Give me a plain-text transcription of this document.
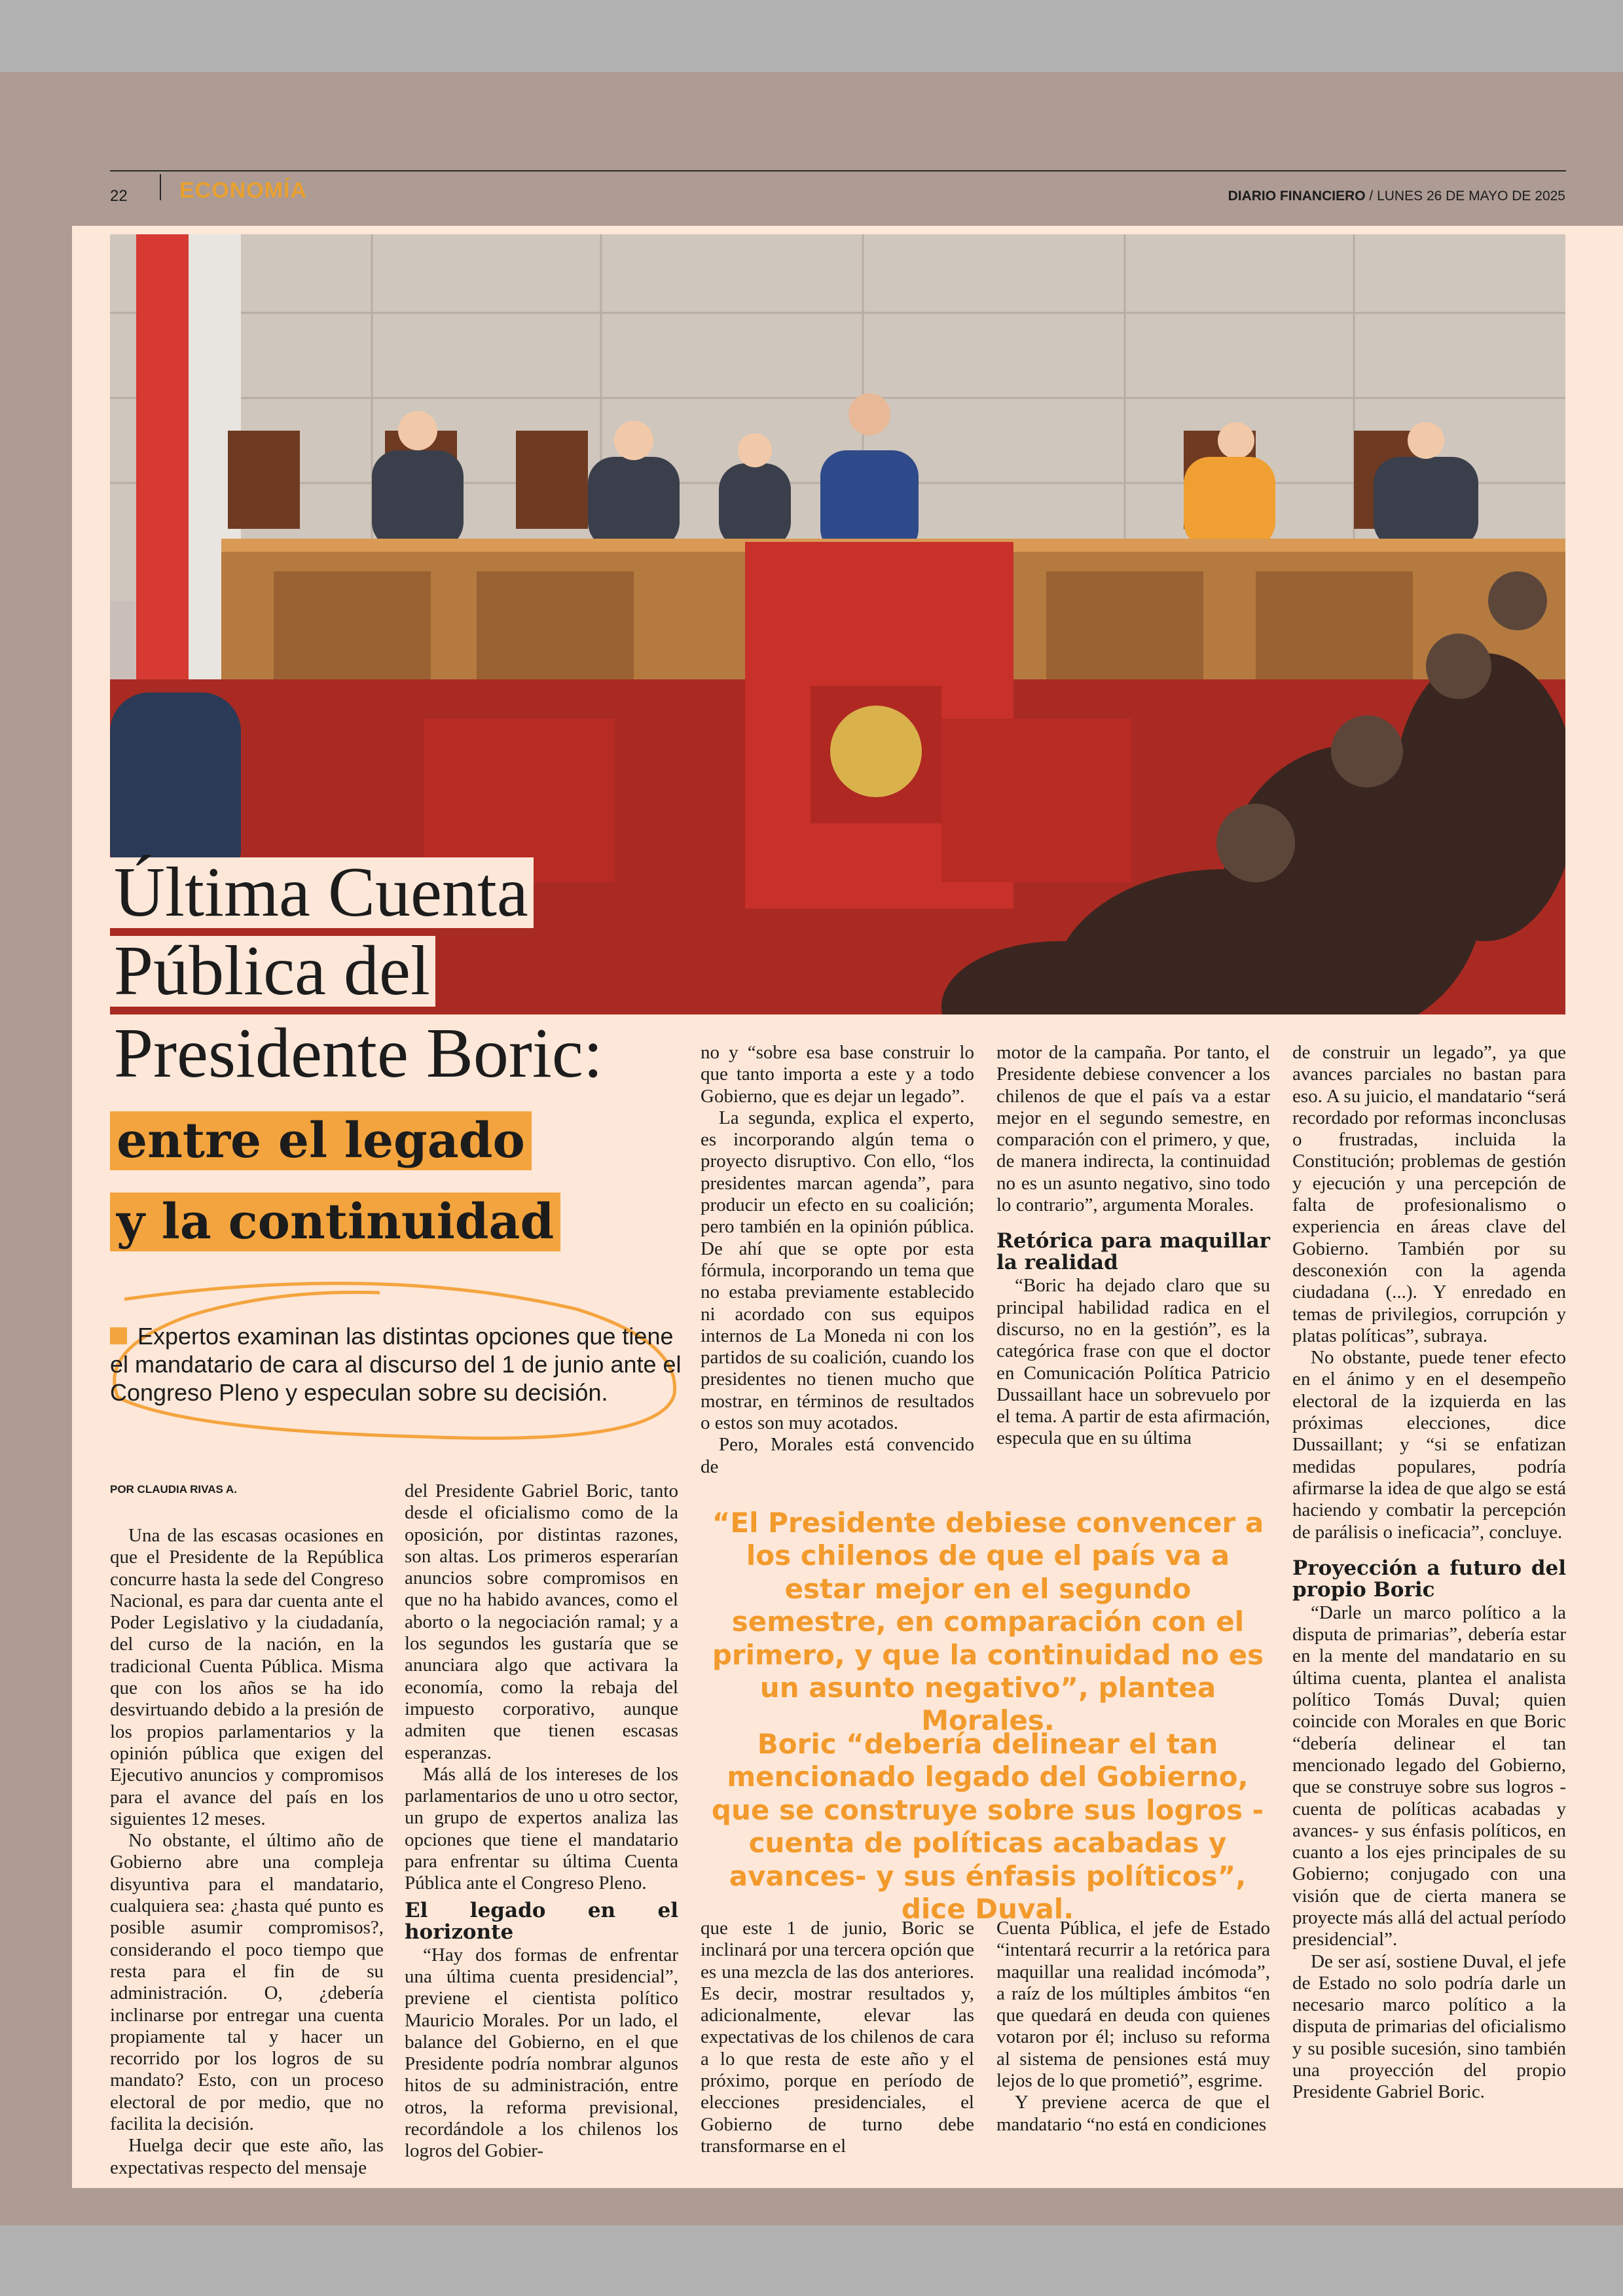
22 ECONOMÍA	DIARIO FINANCIERO / LUNES 26 DE MAYO DE 2025
Última Cuenta
Pública del
Presidente Boric:
entre el legado
y la continuidad
Expertos examinan las distintas opciones que tiene el mandatario de cara al discurso del 1 de junio ante el Congreso Pleno y especulan sobre su decisión.
POR CLAUDIA RIVAS A.

Una de las escasas ocasiones en que el Presidente de la República concurre hasta la sede del Congreso Nacional, es para dar cuenta ante el Poder Legislativo y la ciudadanía, del curso de la nación, en la tradicional Cuenta Pública. Misma que con los años se ha ido desvirtuando debido a la presión de los propios parlamentarios y la opinión pública que exigen del Ejecutivo anuncios y compromisos para el avance del país en los siguientes 12 meses.

No obstante, el último año de Gobierno abre una compleja disyuntiva para el mandatario, cualquiera sea: ¿hasta qué punto es posible asumir compromisos?, considerando el poco tiempo que resta para el fin de su administración. O, ¿debería inclinarse por entregar una cuenta propiamente tal y hacer un recorrido por los logros de su mandato? Esto, con un proceso electoral de por medio, que no facilita la decisión.

Huelga decir que este año, las expectativas respecto del mensaje

del Presidente Gabriel Boric, tanto desde el oficialismo como de la oposición, por distintas razones, son altas. Los primeros esperarían anuncios sobre compromisos en que no ha habido avances, como el aborto o la negociación ramal; y a los segundos les gustaría que se anunciara algo que activara la economía, como la rebaja del impuesto corporativo, aunque admiten que tienen escasas esperanzas.

Más allá de los intereses de los parlamentarios de uno u otro sector, un grupo de expertos analiza las opciones que tiene el mandatario para enfrentar su última Cuenta Pública ante el Congreso Pleno.

El legado en el horizonte

“Hay dos formas de enfrentar una última cuenta presidencial”, previene el cientista político Mauricio Morales. Por un lado, el balance del Gobierno, en el que Presidente podría nombrar algunos hitos de su administración, entre otros, la reforma previsional, recordándole a los chilenos los logros del Gobier-

no y “sobre esa base construir lo que tanto importa a este y a todo Gobierno, que es dejar un legado”.

La segunda, explica el experto, es incorporando algún tema o proyecto disruptivo. Con ello, “los presidentes marcan agenda”, para producir un efecto en su coalición; pero también en la opinión pública. De ahí que se opte por esta fórmula, incorporando un tema que no estaba previamente establecido ni acordado con sus equipos internos de La Moneda ni con los partidos de su coalición, cuando los presidentes no tienen mucho que mostrar, en términos de resultados o estos son muy acotados.

Pero, Morales está convencido de

que este 1 de junio, Boric se inclinará por una tercera opción que es una mezcla de las dos anteriores. Es decir, mostrar resultados y, adicionalmente, elevar las expectativas de los chilenos de cara a lo que resta de este año y el próximo, porque en período de elecciones presidenciales, el Gobierno de turno debe transformarse en el

motor de la campaña. Por tanto, el Presidente debiese convencer a los chilenos de que el país va a estar mejor en el segundo semestre, en comparación con el primero, y que, de manera indirecta, la continuidad no es un asunto negativo, sino todo lo contrario”, argumenta Morales.

Retórica para maquillar la realidad

“Boric ha dejado claro que su principal habilidad radica en el discurso, no en la gestión”, es la categórica frase con que el doctor en Comunicación Política Patricio Dussaillant hace un sobrevuelo por el tema. A partir de esta afirmación, especula que en su última

Cuenta Pública, el jefe de Estado “intentará recurrir a la retórica para maquillar una realidad incómoda”, a raíz de los múltiples ámbitos “en que quedará en deuda con quienes votaron por él; incluso su reforma al sistema de pensiones está muy lejos de lo que prometió”, esgrime.

Y previene acerca de que el mandatario “no está en condiciones

de construir un legado”, ya que avances parciales no bastan para eso. A su juicio, el mandatario “será recordado por reformas inconclusas o frustradas, incluida la Constitución; problemas de gestión y ejecución y una percepción de falta de profesionalismo o experiencia en áreas clave del Gobierno. También por su desconexión con la agenda ciudadana (...). Y enredado en temas de privilegios, corrupción y platas políticas”, subraya.

No obstante, puede tener efecto en el ánimo y en el desempeño electoral de la izquierda en las próximas elecciones, dice Dussaillant; y “si se enfatizan medidas populares, podría afirmarse la idea de que algo se está haciendo y combatir la percepción de parálisis o ineficacia”, concluye.

Proyección a futuro del propio Boric

“Darle un marco político a la disputa de primarias”, debería estar en la mente del mandatario en su última cuenta, plantea el analista político Tomás Duval; quien coincide con Morales en que Boric “debería delinear el tan mencionado legado del Gobierno, que se construye sobre sus logros -cuenta de políticas acabadas y avances- y sus énfasis políticos, en cuanto a los ejes principales de su Gobierno; conjugado con una visión que de cierta manera se proyecte más allá del actual período presidencial”.

De ser así, sostiene Duval, el jefe de Estado no solo podría darle un necesario marco político a la disputa de primarias del oficialismo y su posible sucesión, sino también una proyección del propio Presidente Gabriel Boric.

“El Presidente debiese convencer a los chilenos de que el país va a estar mejor en el segundo semestre, en comparación con el primero, y que la continuidad no es un asunto negativo”, plantea Morales.
Boric “debería delinear el tan mencionado legado del Gobierno, que se construye sobre sus logros -cuenta de políticas acabadas y avances- y sus énfasis políticos”, dice Duval.
